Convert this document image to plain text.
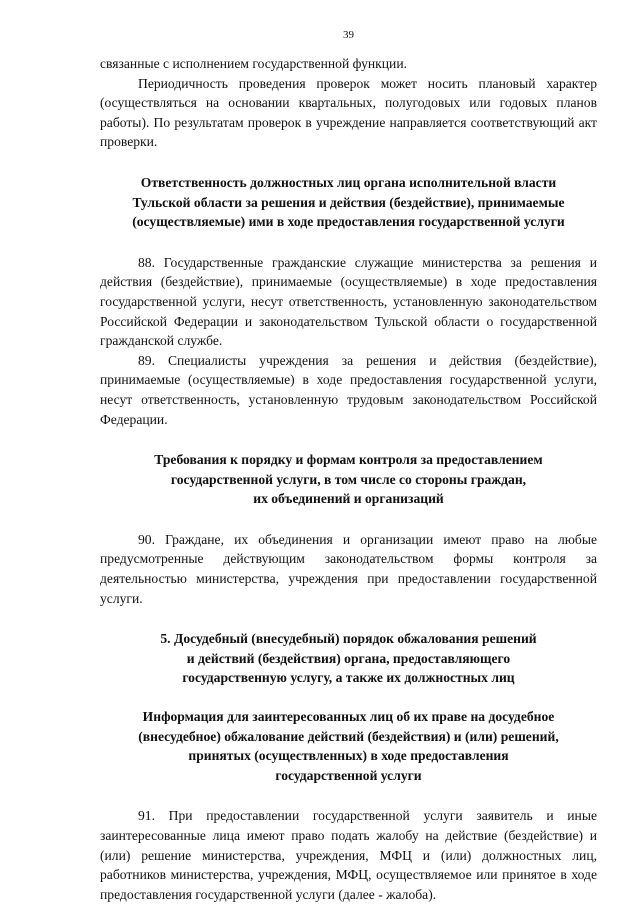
39

связанные с исполнением государственной функции.

Периодичность проведения проверок может носить плановый характер (осуществляться на основании квартальных, полугодовых или годовых планов работы). По результатам проверок в учреждение направляется соответствующий акт проверки.

Ответственность должностных лиц органа исполнительной власти
Тульской области за решения и действия (бездействие), принимаемые
(осуществляемые) ими в ходе предоставления государственной услуги

88. Государственные гражданские служащие министерства за решения и действия (бездействие), принимаемые (осуществляемые) в ходе предоставления государственной услуги, несут ответственность, установленную законодательством Российской Федерации и законодательством Тульской области о государственной гражданской службе.

89. Специалисты учреждения за решения и действия (бездействие), принимаемые (осуществляемые) в ходе предоставления государственной услуги, несут ответственность, установленную трудовым законодательством Российской Федерации.

Требования к порядку и формам контроля за предоставлением
государственной услуги, в том числе со стороны граждан,
их объединений и организаций

90. Граждане, их объединения и организации имеют право на любые предусмотренные действующим законодательством формы контроля за деятельностью министерства, учреждения при предоставлении государственной услуги.

5. Досудебный (внесудебный) порядок обжалования решений
и действий (бездействия) органа, предоставляющего
государственную услугу, а также их должностных лиц
Информация для заинтересованных лиц об их праве на досудебное
(внесудебное) обжалование действий (бездействия) и (или) решений,
принятых (осуществленных) в ходе предоставления
государственной услуги

91. При предоставлении государственной услуги заявитель и иные заинтересованные лица имеют право подать жалобу на действие (бездействие) и (или) решение министерства, учреждения, МФЦ и (или) должностных лиц, работников министерства, учреждения, МФЦ, осуществляемое или принятое в ходе предоставления государственной услуги (далее - жалоба).
